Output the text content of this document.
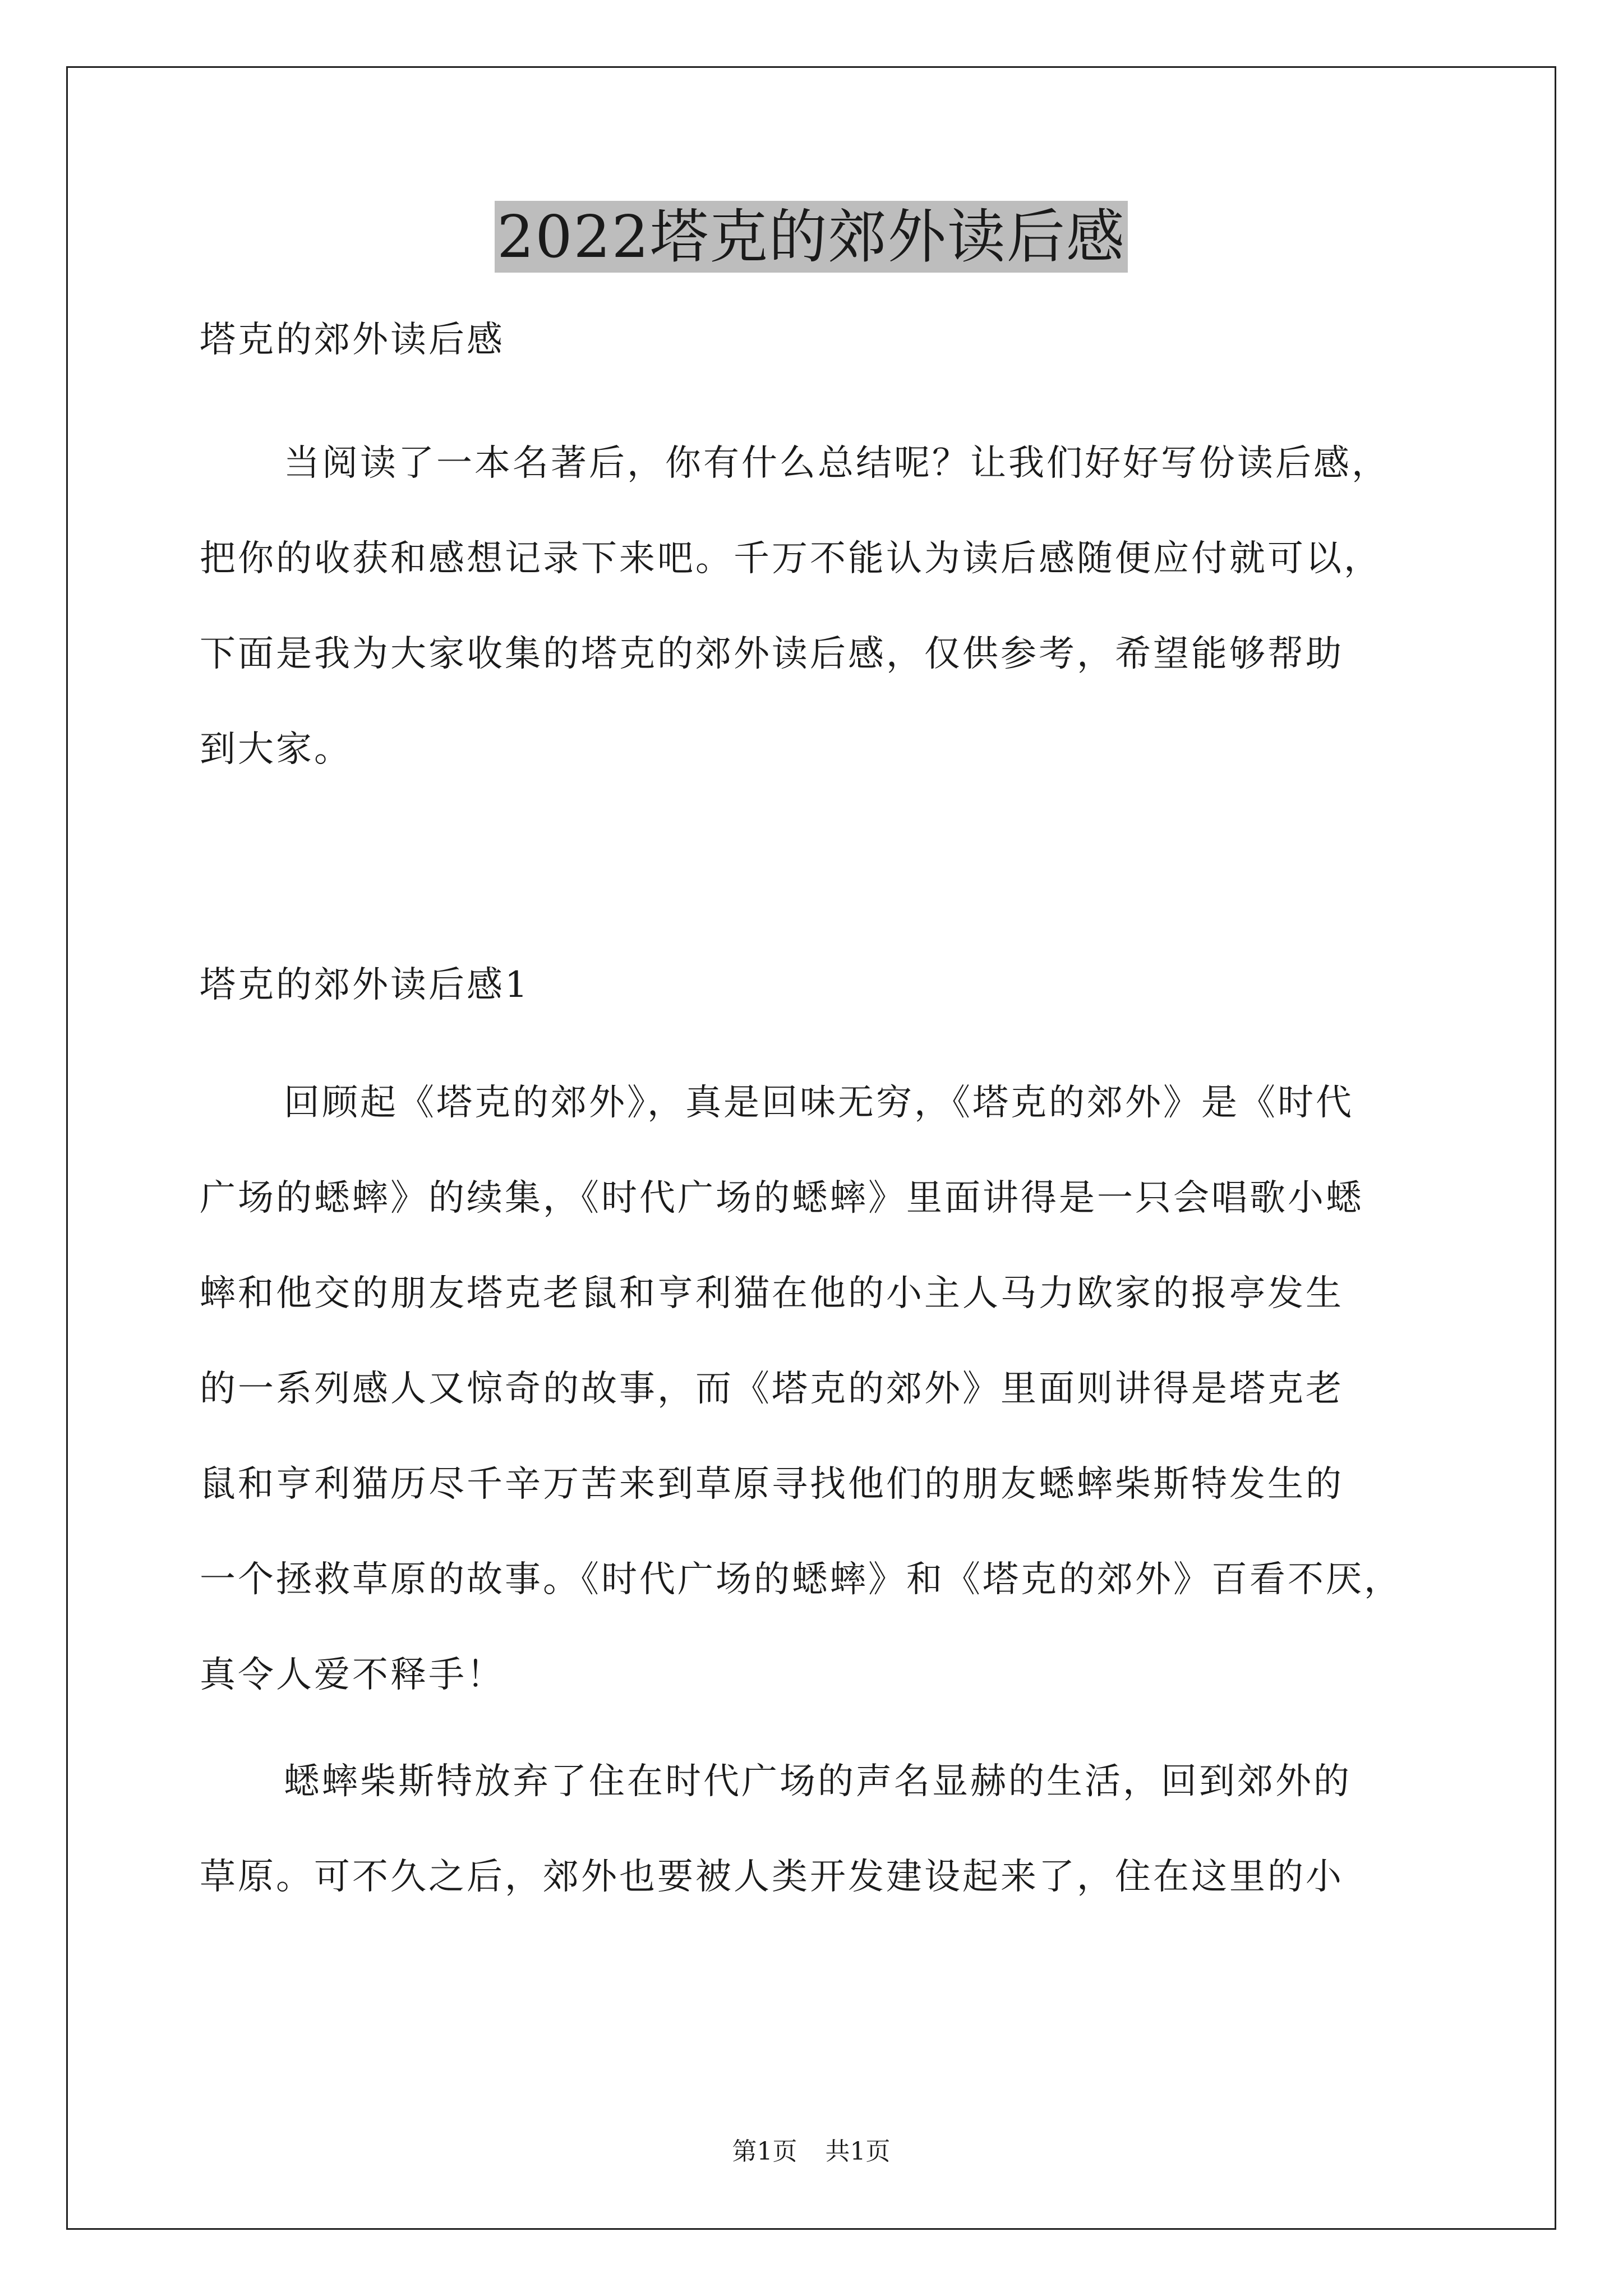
2022塔克的郊外读后感
塔克的郊外读后感
当阅读了一本名著后，你有什么总结呢？让我们好好写份读后感，
把你的收获和感想记录下来吧。千万不能认为读后感随便应付就可以，
下面是我为大家收集的塔克的郊外读后感，仅供参考，希望能够帮助
到大家。
塔克的郊外读后感1
回顾起《塔克的郊外》，真是回味无穷，《塔克的郊外》是《时代
广场的蟋蟀》的续集，《时代广场的蟋蟀》里面讲得是一只会唱歌小蟋
蟀和他交的朋友塔克老鼠和亨利猫在他的小主人马力欧家的报亭发生
的一系列感人又惊奇的故事，而《塔克的郊外》里面则讲得是塔克老
鼠和亨利猫历尽千辛万苦来到草原寻找他们的朋友蟋蟀柴斯特发生的
一个拯救草原的故事。《时代广场的蟋蟀》和《塔克的郊外》百看不厌，
真令人爱不释手！
蟋蟀柴斯特放弃了住在时代广场的声名显赫的生活，回到郊外的
草原。可不久之后，郊外也要被人类开发建设起来了，住在这里的小
第1页 共1页
